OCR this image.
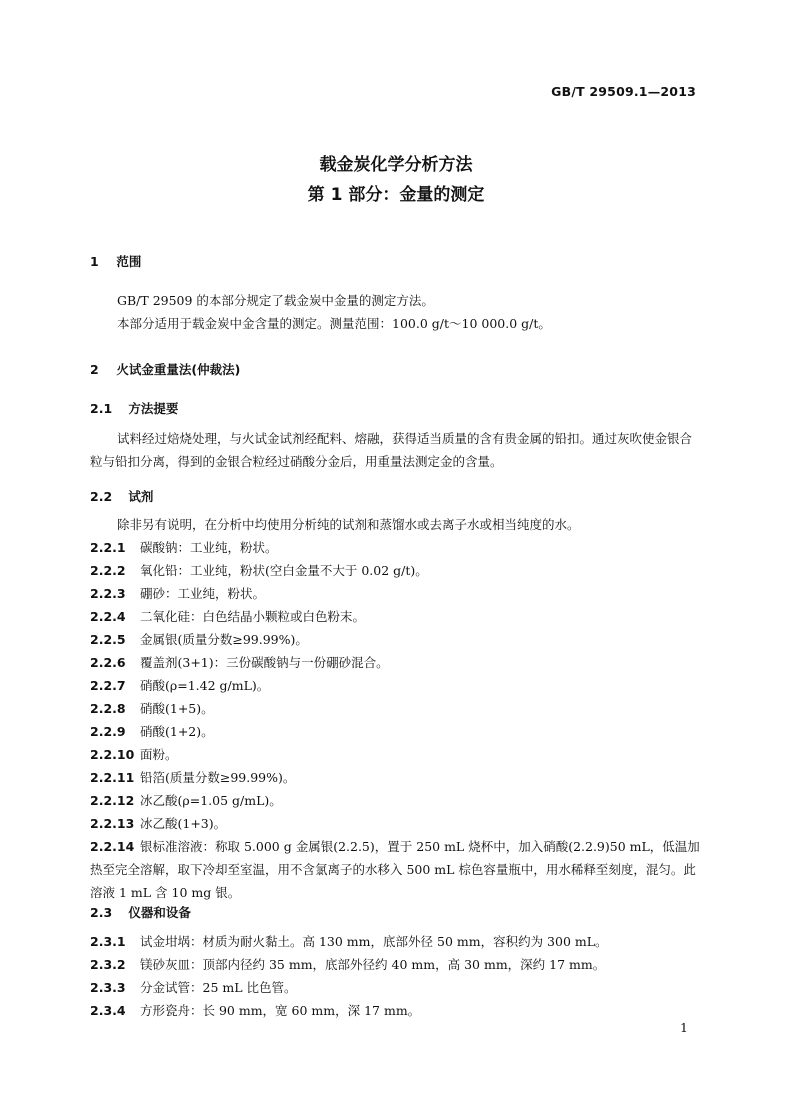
GB/T 29509.1—2013
载金炭化学分析方法
第 1 部分：金量的测定
1 范围
GB/T 29509 的本部分规定了载金炭中金量的测定方法。
本部分适用于载金炭中金含量的测定。测量范围：100.0 g/t～10 000.0 g/t。
2 火试金重量法(仲裁法)
2.1 方法提要
试料经过焙烧处理，与火试金试剂经配料、熔融，获得适当质量的含有贵金属的铅扣。通过灰吹使金银合粒与铅扣分离，得到的金银合粒经过硝酸分金后，用重量法测定金的含量。
2.2 试剂
除非另有说明，在分析中均使用分析纯的试剂和蒸馏水或去离子水或相当纯度的水。
2.2.1 碳酸钠：工业纯，粉状。
2.2.2 氧化铅：工业纯，粉状(空白金量不大于 0.02 g/t)。
2.2.3 硼砂：工业纯，粉状。
2.2.4 二氧化硅：白色结晶小颗粒或白色粉末。
2.2.5 金属银(质量分数≥99.99%)。
2.2.6 覆盖剂(3+1)：三份碳酸钠与一份硼砂混合。
2.2.7 硝酸(ρ=1.42 g/mL)。
2.2.8 硝酸(1+5)。
2.2.9 硝酸(1+2)。
2.2.10 面粉。
2.2.11 铅箔(质量分数≥99.99%)。
2.2.12 冰乙酸(ρ=1.05 g/mL)。
2.2.13 冰乙酸(1+3)。
2.2.14 银标准溶液：称取 5.000 g 金属银(2.2.5)，置于 250 mL 烧杯中，加入硝酸(2.2.9)50 mL，低温加热至完全溶解，取下冷却至室温，用不含氯离子的水移入 500 mL 棕色容量瓶中，用水稀释至刻度，混匀。此溶液 1 mL 含 10 mg 银。
2.3 仪器和设备
2.3.1 试金坩埚：材质为耐火黏土。高 130 mm，底部外径 50 mm，容积约为 300 mL。
2.3.2 镁砂灰皿：顶部内径约 35 mm，底部外径约 40 mm，高 30 mm，深约 17 mm。
2.3.3 分金试管：25 mL 比色管。
2.3.4 方形瓷舟：长 90 mm，宽 60 mm，深 17 mm。
1
